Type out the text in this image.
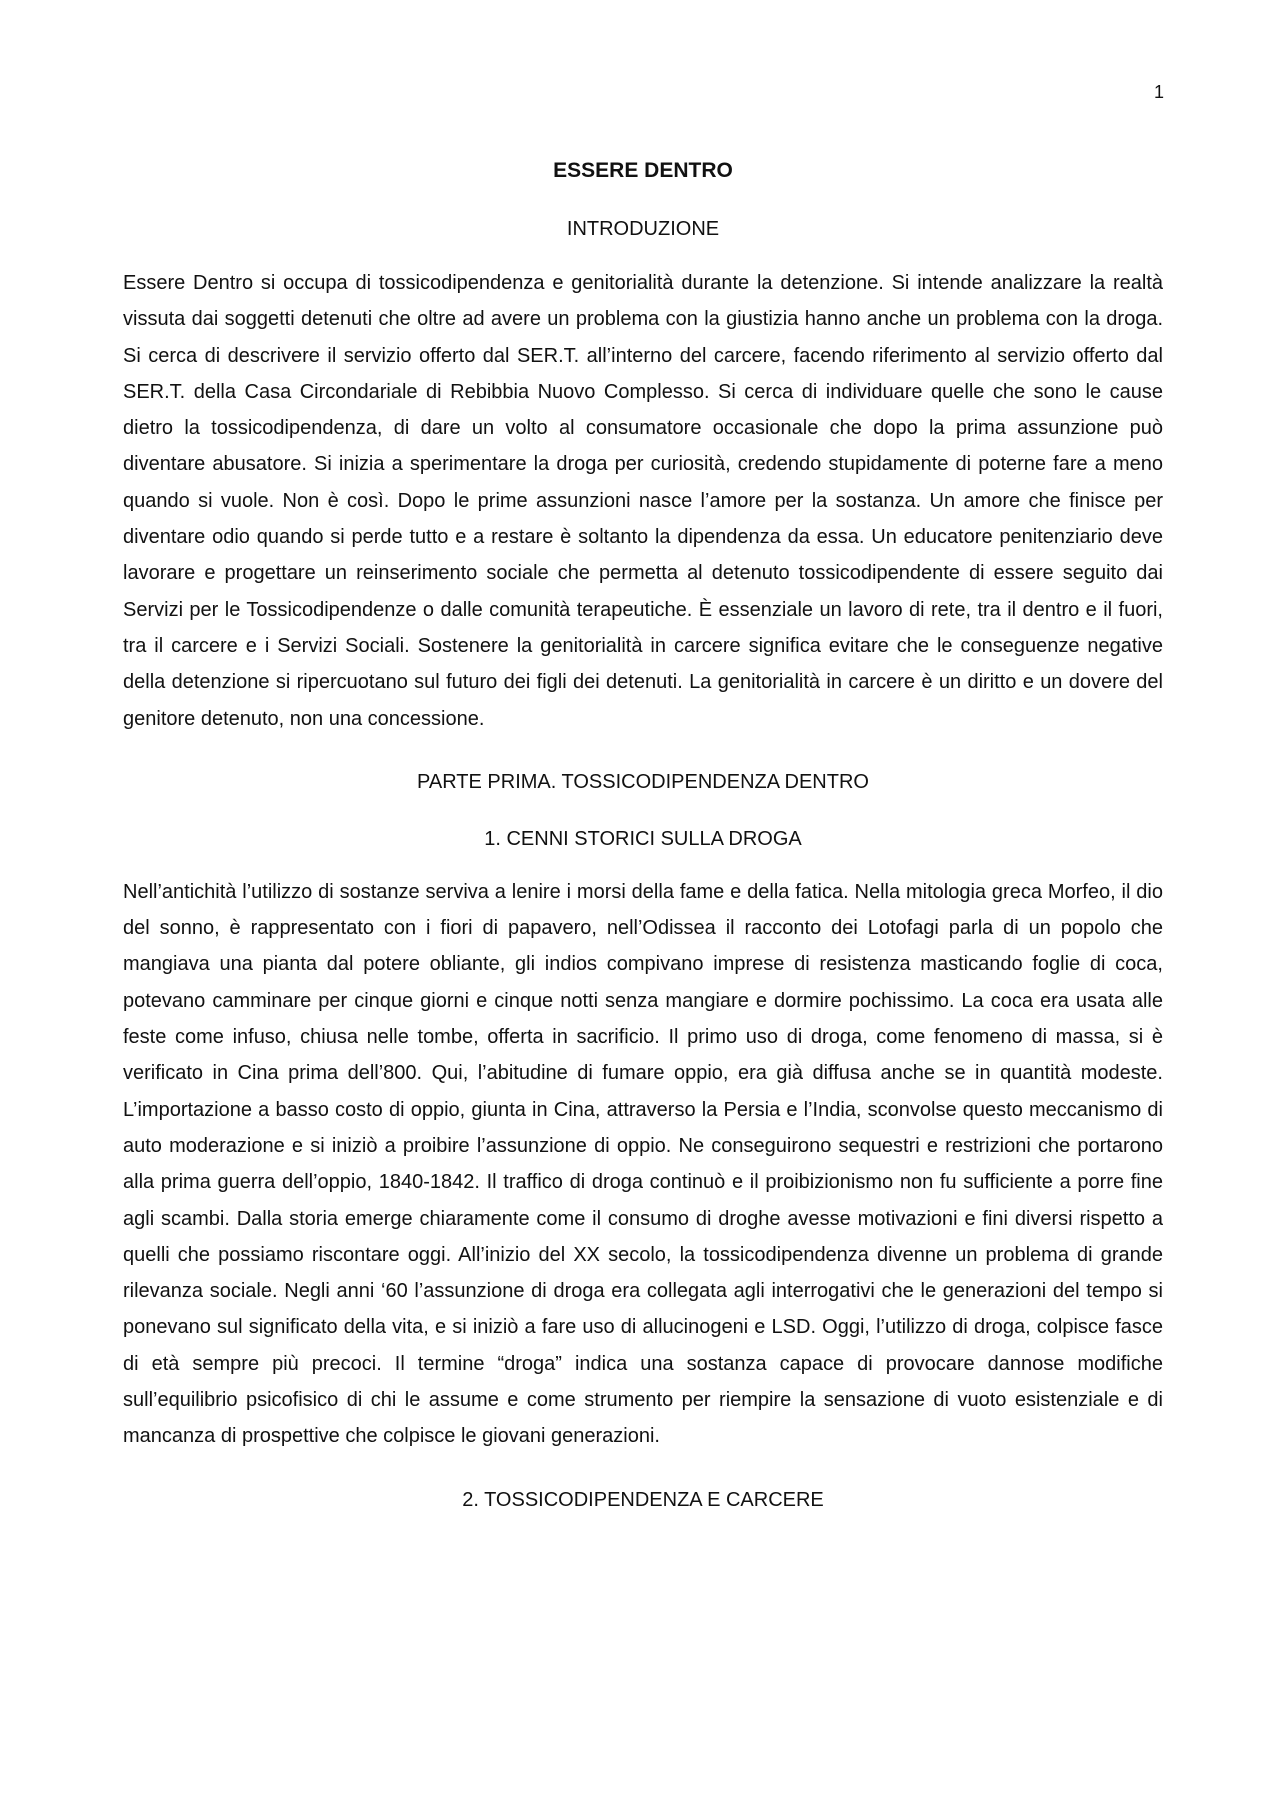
1
ESSERE DENTRO
INTRODUZIONE

Essere Dentro si occupa di tossicodipendenza e genitorialità durante la detenzione. Si intende analizzare la realtà vissuta dai soggetti detenuti che oltre ad avere un problema con la giustizia hanno anche un problema con la droga. Si cerca di descrivere il servizio offerto dal SER.T. all’interno del carcere, facendo riferimento al servizio offerto dal SER.T. della Casa Circondariale di Rebibbia Nuovo Complesso. Si cerca di individuare quelle che sono le cause dietro la tossicodipendenza, di dare un volto al consumatore occasionale che dopo la prima assunzione può diventare abusatore. Si inizia a sperimentare la droga per curiosità, credendo stupidamente di poterne fare a meno quando si vuole. Non è così. Dopo le prime assunzioni nasce l’amore per la sostanza. Un amore che finisce per diventare odio quando si perde tutto e a restare è soltanto la dipendenza da essa. Un educatore penitenziario deve lavorare e progettare un reinserimento sociale che permetta al detenuto tossicodipendente di essere seguito dai Servizi per le Tossicodipendenze o dalle comunità terapeutiche. È essenziale un lavoro di rete, tra il dentro e il fuori, tra il carcere e i Servizi Sociali. Sostenere la genitorialità in carcere significa evitare che le conseguenze negative della detenzione si ripercuotano sul futuro dei figli dei detenuti. La genitorialità in carcere è un diritto e un dovere del genitore detenuto, non una concessione.

PARTE PRIMA. TOSSICODIPENDENZA DENTRO
1. CENNI STORICI SULLA DROGA

Nell’antichità l’utilizzo di sostanze serviva a lenire i morsi della fame e della fatica. Nella mitologia greca Morfeo, il dio del sonno, è rappresentato con i fiori di papavero, nell’Odissea il racconto dei Lotofagi parla di un popolo che mangiava una pianta dal potere obliante, gli indios compivano imprese di resistenza masticando foglie di coca, potevano camminare per cinque giorni e cinque notti senza mangiare e dormire pochissimo. La coca era usata alle feste come infuso, chiusa nelle tombe, offerta in sacrificio. Il primo uso di droga, come fenomeno di massa, si è verificato in Cina prima dell’800. Qui, l’abitudine di fumare oppio, era già diffusa anche se in quantità modeste. L’importazione a basso costo di oppio, giunta in Cina, attraverso la Persia e l’India, sconvolse questo meccanismo di auto moderazione e si iniziò a proibire l’assunzione di oppio. Ne conseguirono sequestri e restrizioni che portarono alla prima guerra dell’oppio, 1840-1842. Il traffico di droga continuò e il proibizionismo non fu sufficiente a porre fine agli scambi. Dalla storia emerge chiaramente come il consumo di droghe avesse motivazioni e fini diversi rispetto a quelli che possiamo riscontare oggi. All’inizio del XX secolo, la tossicodipendenza divenne un problema di grande rilevanza sociale. Negli anni ‘60 l’assunzione di droga era collegata agli interrogativi che le generazioni del tempo si ponevano sul significato della vita, e si iniziò a fare uso di allucinogeni e LSD. Oggi, l’utilizzo di droga, colpisce fasce di età sempre più precoci. Il termine “droga” indica una sostanza capace di provocare dannose modifiche sull’equilibrio psicofisico di chi le assume e come strumento per riempire la sensazione di vuoto esistenziale e di mancanza di prospettive che colpisce le giovani generazioni.

2. TOSSICODIPENDENZA E CARCERE
